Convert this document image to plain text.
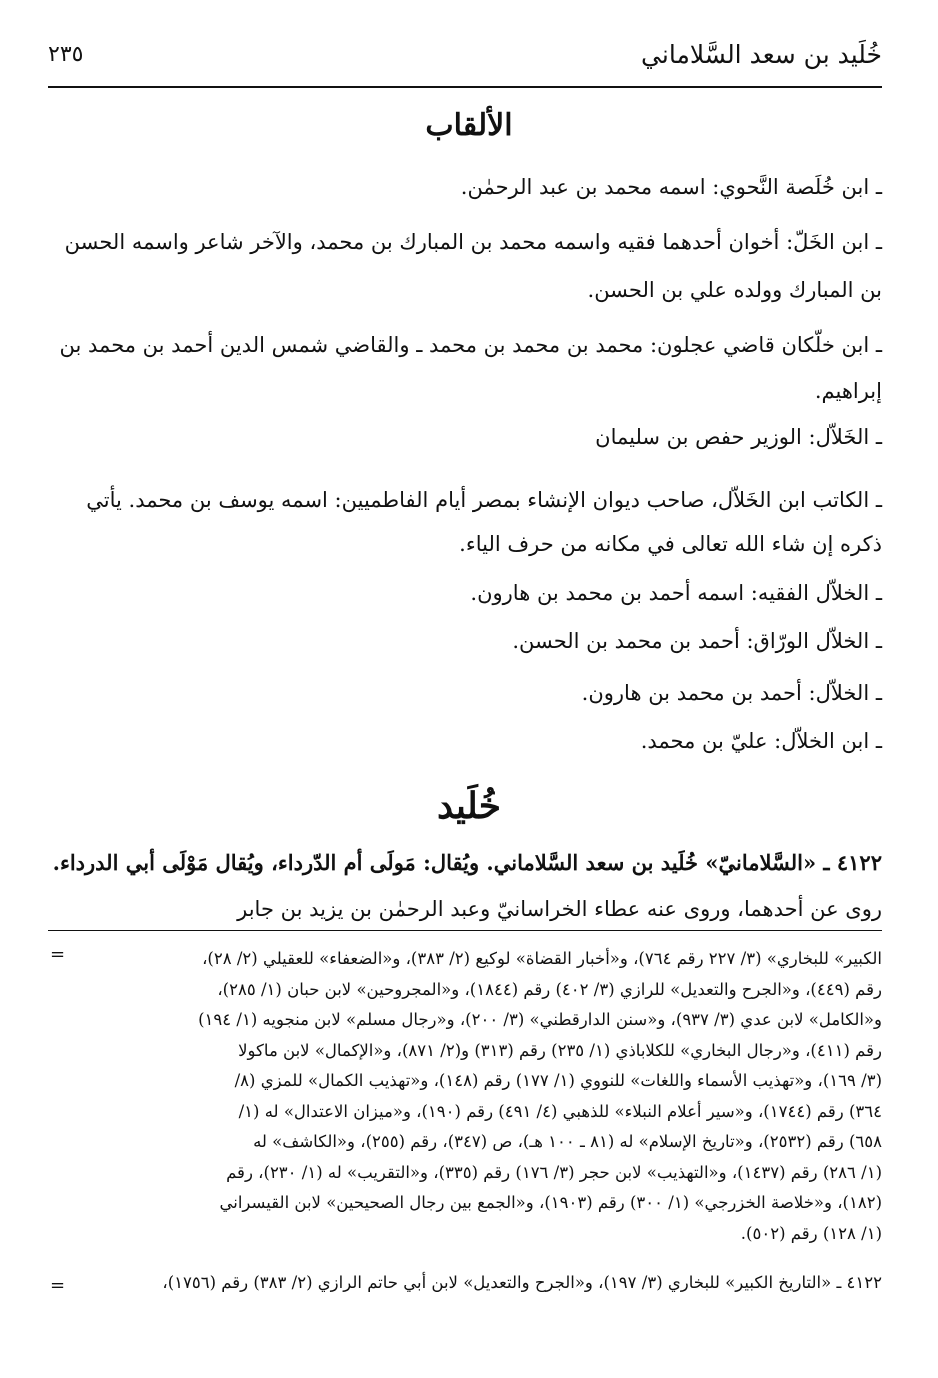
خُلَيد بن سعد السَّلاماني
٢٣٥
الألقاب
ـ ابن خُلَصة النَّحوي: اسمه محمد بن عبد الرحمٰن.
ـ ابن الخَلّ: أخوان أحدهما فقيه واسمه محمد بن المبارك بن محمد، والآخر شاعر واسمه الحسن بن المبارك وولده علي بن الحسن.
ـ ابن خلّكان قاضي عجلون: محمد بن محمد بن محمد ـ والقاضي شمس الدين أحمد بن محمد بن إبراهيم.
ـ الخَلاّل: الوزير حفص بن سليمان
ـ الكاتب ابن الخَلاّل، صاحب ديوان الإنشاء بمصر أيام الفاطميين: اسمه يوسف بن محمد. يأتي ذكره إن شاء الله تعالى في مكانه من حرف الياء.
ـ الخلاّل الفقيه: اسمه أحمد بن محمد بن هارون.
ـ الخلاّل الورّاق: أحمد بن محمد بن الحسن.
ـ الخلاّل: أحمد بن محمد بن هارون.
ـ ابن الخلاّل: عليّ بن محمد.
خُلَيد
٤١٢٢ ـ «السَّلامانيّ» خُلَيد بن سعد السَّلاماني. ويُقال: مَولَى أم الدّرداء، ويُقال مَوْلَى أبي الدرداء. روى عن أحدهما، وروى عنه عطاء الخراسانيّ وعبد الرحمٰن بن يزيد بن جابر
=	الكبير» للبخاري» (٣/ ٢٢٧ رقم ٧٦٤)، و«أخبار القضاة» لوكيع (٢/ ٣٨٣)، و«الضعفاء» للعقيلي (٢/ ٢٨)،
رقم (٤٤٩)، و«الجرح والتعديل» للرازي (٣/ ٤٠٢) رقم (١٨٤٤)، و«المجروحين» لابن حبان (١/ ٢٨٥)،
و«الكامل» لابن عدي (٣/ ٩٣٧)، و«سنن الدارقطني» (٣/ ٢٠٠)، و«رجال مسلم» لابن منجويه (١/ ١٩٤)
رقم (٤١١)، و«رجال البخاري» للكلاباذي (١/ ٢٣٥) رقم (٣١٣) و(٢/ ٨٧١)، و«الإكمال» لابن ماكولا
(٣/ ١٦٩)، و«تهذيب الأسماء واللغات» للنووي (١/ ١٧٧) رقم (١٤٨)، و«تهذيب الكمال» للمزي (٨/
٣٦٤) رقم (١٧٤٤)، و«سير أعلام النبلاء» للذهبي (٤/ ٤٩١) رقم (١٩٠)، و«ميزان الاعتدال» له (١/
٦٥٨) رقم (٢٥٣٢)، و«تاريخ الإسلام» له (٨١ ـ ١٠٠ هـ)، ص (٣٤٧)، رقم (٢٥٥)، و«الكاشف» له
(١/ ٢٨٦) رقم (١٤٣٧)، و«التهذيب» لابن حجر (٣/ ١٧٦) رقم (٣٣٥)، و«التقريب» له (١/ ٢٣٠)، رقم
(١٨٢)، و«خلاصة الخزرجي» (١/ ٣٠٠) رقم (١٩٠٣)، و«الجمع بين رجال الصحيحين» لابن القيسراني
(١/ ١٢٨) رقم (٥٠٢).
٤١٢٢ ـ «التاريخ الكبير» للبخاري (٣/ ١٩٧)، و«الجرح والتعديل» لابن أبي حاتم الرازي (٢/ ٣٨٣) رقم (١٧٥٦)،
=
